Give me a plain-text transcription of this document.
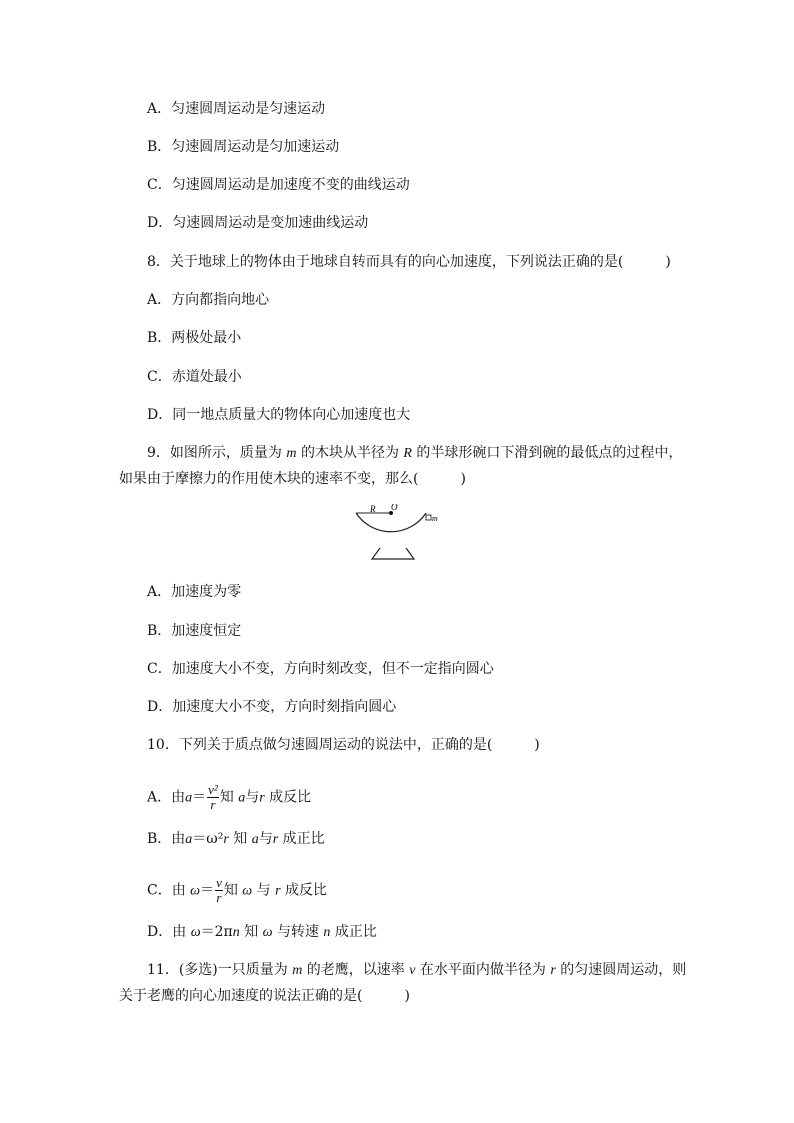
A．匀速圆周运动是匀速运动
B．匀速圆周运动是匀加速运动
C．匀速圆周运动是加速度不变的曲线运动
D．匀速圆周运动是变加速曲线运动
8．关于地球上的物体由于地球自转而具有的向心加速度，下列说法正确的是(　　　)
A．方向都指向地心
B．两极处最小
C．赤道处最小
D．同一地点质量大的物体向心加速度也大
9．如图所示，质量为 m 的木块从半径为 R 的半球形碗口下滑到碗的最低点的过程中，
如果由于摩擦力的作用使木块的速率不变，那么(　　　)
R O
m
A．加速度为零
B．加速度恒定
C．加速度大小不变，方向时刻改变，但不一定指向圆心
D．加速度大小不变，方向时刻指向圆心
10．下列关于质点做匀速圆周运动的说法中，正确的是(　　　)
A．由$a= \frac{\text{v²}}{r}$ 知 a与r 成反比
B．由a＝ω²r 知 a与r 成正比
C．由 $\omega= \frac{v}{r}$ 知 ω 与 r 成反比
D．由 ω＝2πn 知 ω 与转速 n 成正比
11．(多选)一只质量为 m 的老鹰，以速率 v 在水平面内做半径为 r 的匀速圆周运动，则
关于老鹰的向心加速度的说法正确的是(　　　)
